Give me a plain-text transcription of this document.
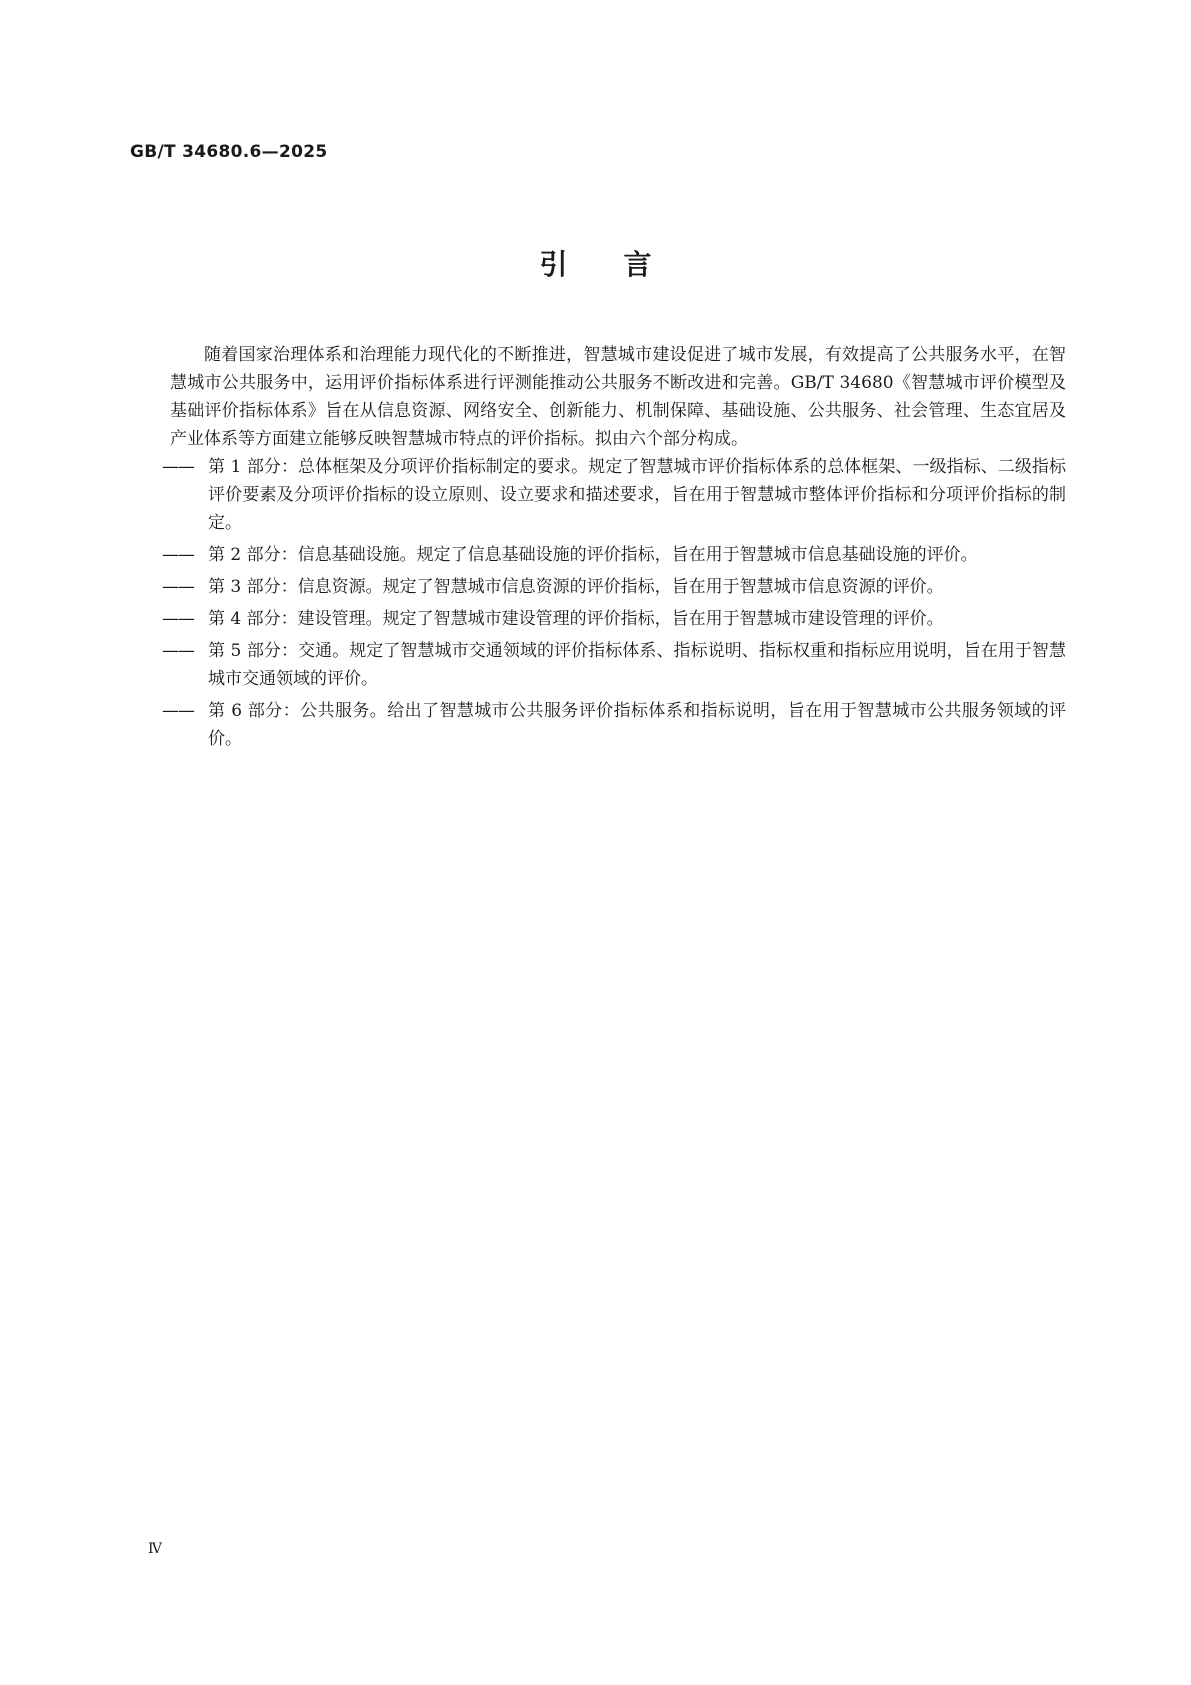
GB/T 34680.6—2025
引言

随着国家治理体系和治理能力现代化的不断推进，智慧城市建设促进了城市发展，有效提高了公共服务水平，在智慧城市公共服务中，运用评价指标体系进行评测能推动公共服务不断改进和完善。GB/T 34680《智慧城市评价模型及基础评价指标体系》旨在从信息资源、网络安全、创新能力、机制保障、基础设施、公共服务、社会管理、生态宜居及产业体系等方面建立能够反映智慧城市特点的评价指标。拟由六个部分构成。

—— 第 1 部分：总体框架及分项评价指标制定的要求。规定了智慧城市评价指标体系的总体框架、一级指标、二级指标评价要素及分项评价指标的设立原则、设立要求和描述要求，旨在用于智慧城市整体评价指标和分项评价指标的制定。
—— 第 2 部分：信息基础设施。规定了信息基础设施的评价指标，旨在用于智慧城市信息基础设施的评价。
—— 第 3 部分：信息资源。规定了智慧城市信息资源的评价指标，旨在用于智慧城市信息资源的评价。
—— 第 4 部分：建设管理。规定了智慧城市建设管理的评价指标，旨在用于智慧城市建设管理的评价。
—— 第 5 部分：交通。规定了智慧城市交通领域的评价指标体系、指标说明、指标权重和指标应用说明，旨在用于智慧城市交通领域的评价。
—— 第 6 部分：公共服务。给出了智慧城市公共服务评价指标体系和指标说明，旨在用于智慧城市公共服务领域的评价。
Ⅳ
